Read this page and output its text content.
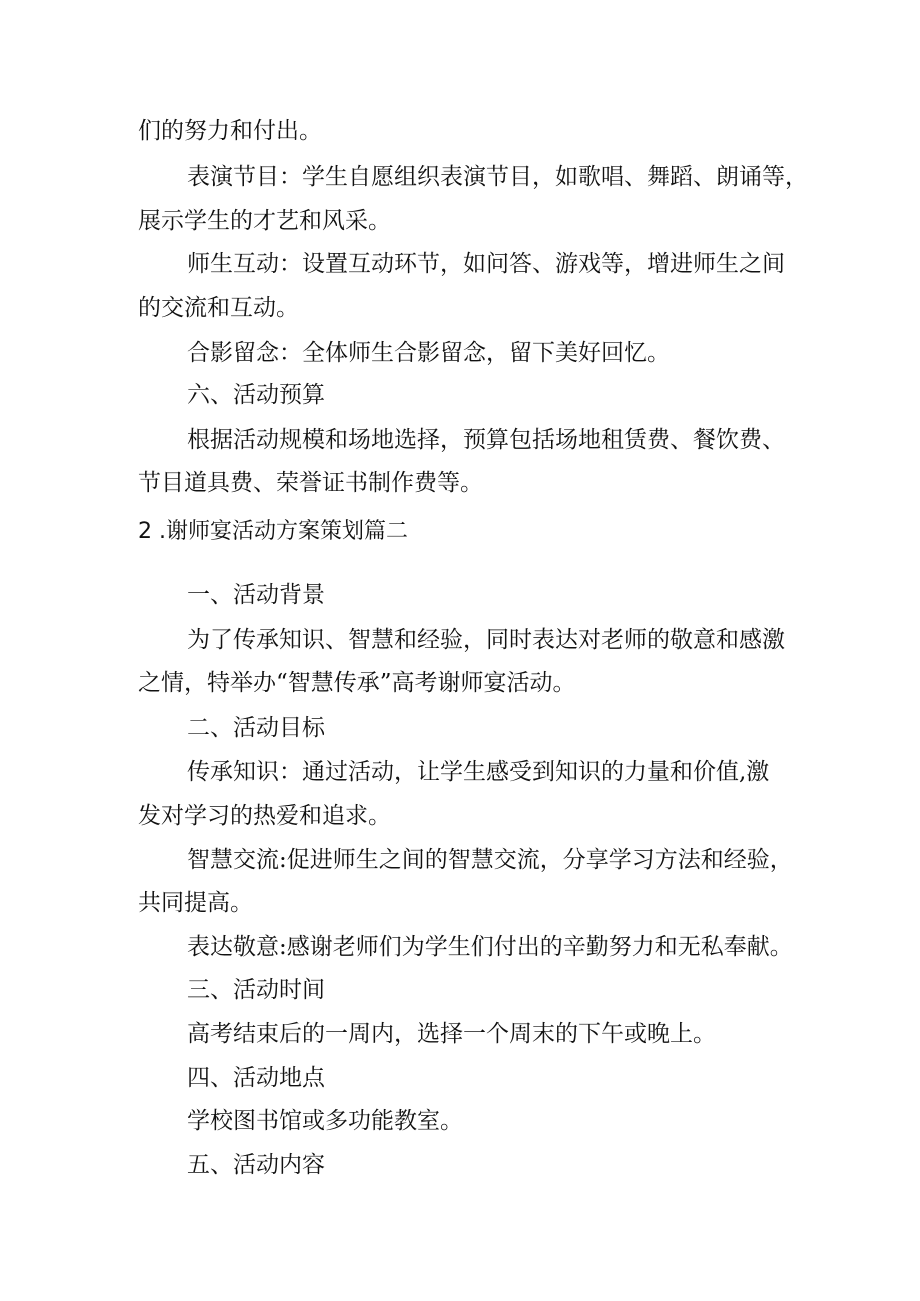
们的努力和付出。
表演节目：学生自愿组织表演节目，如歌唱、舞蹈、朗诵等，
展示学生的才艺和风采。
师生互动：设置互动环节，如问答、游戏等，增进师生之间
的交流和互动。
合影留念：全体师生合影留念，留下美好回忆。
六、活动预算
根据活动规模和场地选择，预算包括场地租赁费、餐饮费、
节目道具费、荣誉证书制作费等。
2 .谢师宴活动方案策划篇二
一、活动背景
为了传承知识、智慧和经验，同时表达对老师的敬意和感激
之情，特举办“智慧传承”高考谢师宴活动。
二、活动目标
传承知识：通过活动，让学生感受到知识的力量和价值,激
发对学习的热爱和追求。
智慧交流:促进师生之间的智慧交流，分享学习方法和经验，
共同提高。
表达敬意:感谢老师们为学生们付出的辛勤努力和无私奉献。
三、活动时间
高考结束后的一周内，选择一个周末的下午或晚上。
四、活动地点
学校图书馆或多功能教室。
五、活动内容
